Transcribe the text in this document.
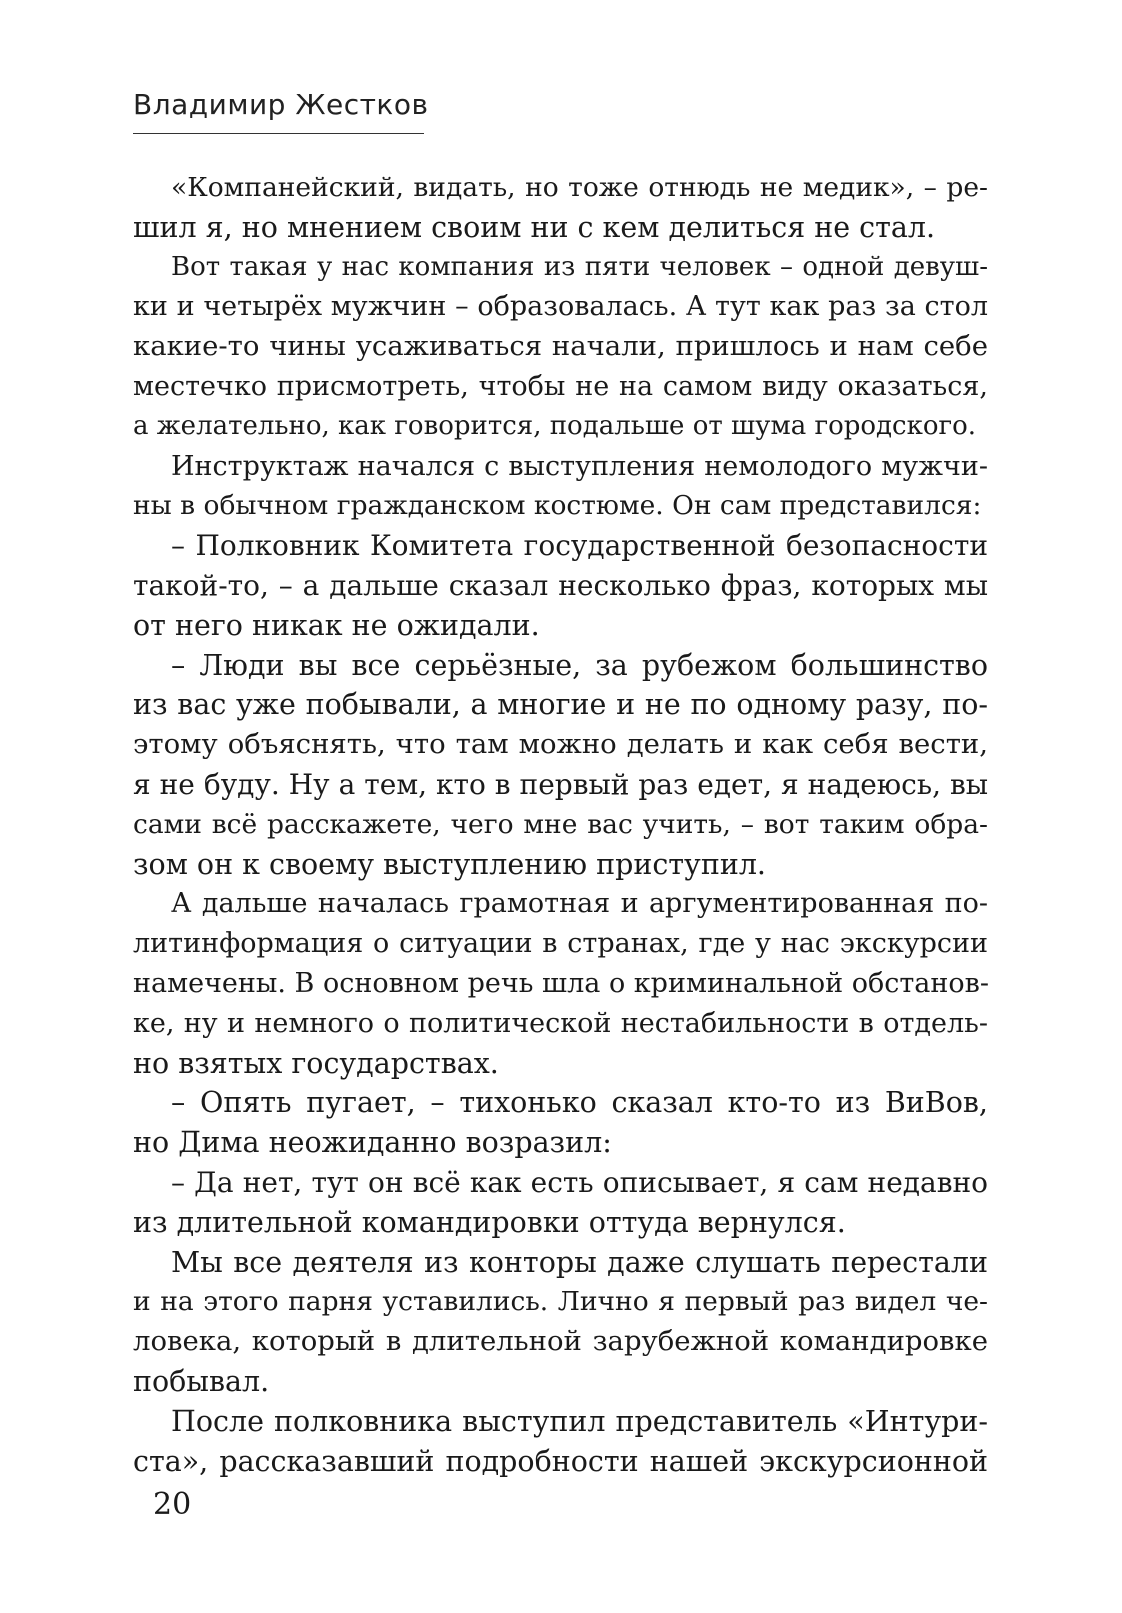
Владимир Жестков
«Компанейский, видать, но тоже отнюдь не медик», – ре-
шил я, но мнением своим ни с кем делиться не стал.
Вот такая у нас компания из пяти человек – одной девуш-
ки и четырёх мужчин – образовалась. А тут как раз за стол
какие-то чины усаживаться начали, пришлось и нам себе
местечко присмотреть, чтобы не на самом виду оказаться,
а желательно, как говорится, подальше от шума городского.
Инструктаж начался с выступления немолодого мужчи-
ны в обычном гражданском костюме. Он сам представился:
– Полковник Комитета государственной безопасности
такой-то, – а дальше сказал несколько фраз, которых мы
от него никак не ожидали.
– Люди вы все серьёзные, за рубежом большинство
из вас уже побывали, а многие и не по одному разу, по-
этому объяснять, что там можно делать и как себя вести,
я не буду. Ну а тем, кто в первый раз едет, я надеюсь, вы
сами всё расскажете, чего мне вас учить, – вот таким обра-
зом он к своему выступлению приступил.
А дальше началась грамотная и аргументированная по-
литинформация о ситуации в странах, где у нас экскурсии
намечены. В основном речь шла о криминальной обстанов-
ке, ну и немного о политической нестабильности в отдель-
но взятых государствах.
– Опять пугает, – тихонько сказал кто-то из ВиВов,
но Дима неожиданно возразил:
– Да нет, тут он всё как есть описывает, я сам недавно
из длительной командировки оттуда вернулся.
Мы все деятеля из конторы даже слушать перестали
и на этого парня уставились. Лично я первый раз видел че-
ловека, который в длительной зарубежной командировке
побывал.
После полковника выступил представитель «Интури-
ста», рассказавший подробности нашей экскурсионной
20
